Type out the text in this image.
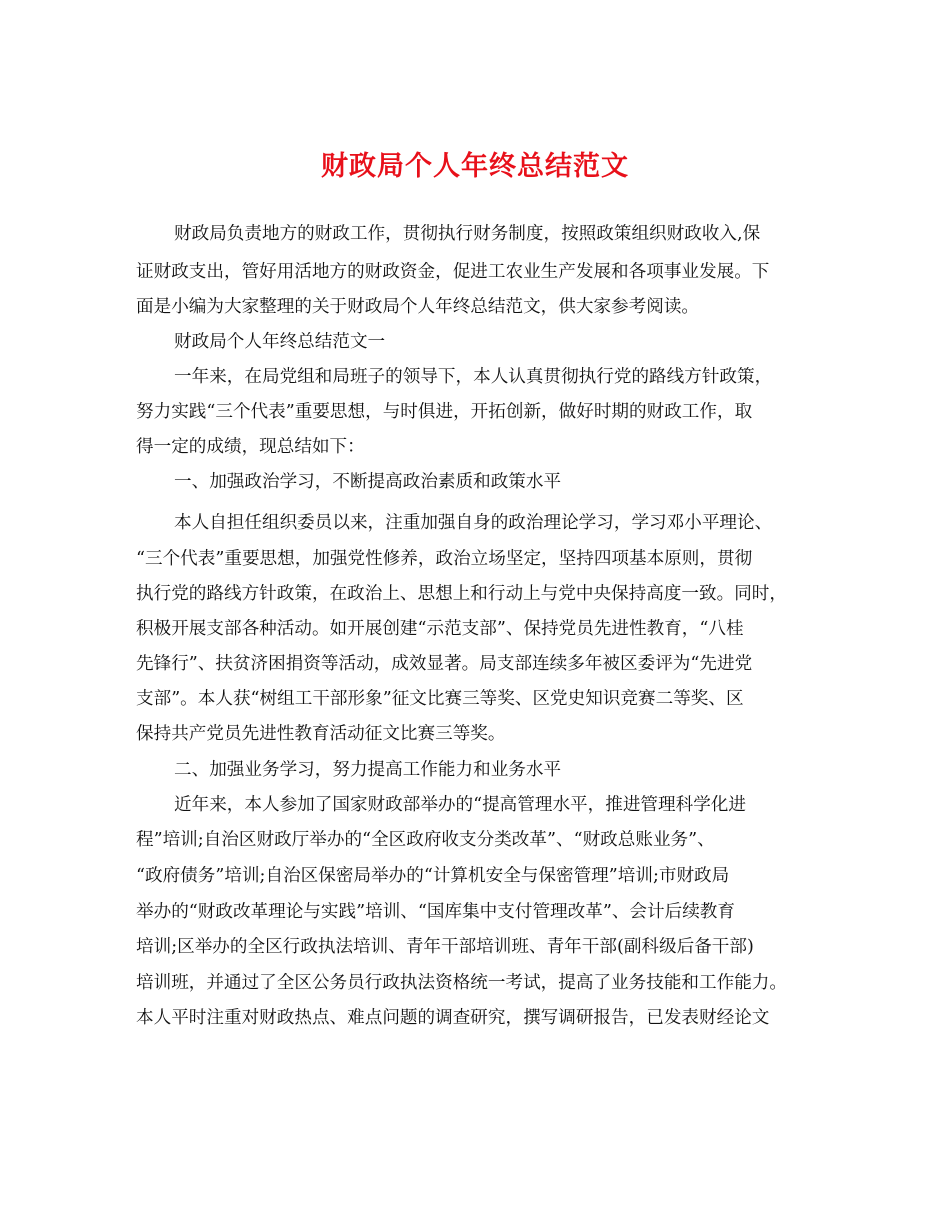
财政局个人年终总结范文
财政局负责地方的财政工作，贯彻执行财务制度，按照政策组织财政收入,保
证财政支出，管好用活地方的财政资金，促进工农业生产发展和各项事业发展。下
面是小编为大家整理的关于财政局个人年终总结范文，供大家参考阅读。
财政局个人年终总结范文一
一年来，在局党组和局班子的领导下，本人认真贯彻执行党的路线方针政策，
努力实践“三个代表”重要思想，与时俱进，开拓创新，做好时期的财政工作，取
得一定的成绩，现总结如下：
一、加强政治学习，不断提高政治素质和政策水平
本人自担任组织委员以来，注重加强自身的政治理论学习，学习邓小平理论、
“三个代表”重要思想，加强党性修养，政治立场坚定，坚持四项基本原则，贯彻
执行党的路线方针政策，在政治上、思想上和行动上与党中央保持高度一致。同时，
积极开展支部各种活动。如开展创建“示范支部”、保持党员先进性教育，“八桂
先锋行”、扶贫济困捐资等活动，成效显著。局支部连续多年被区委评为“先进党
支部”。本人获“树组工干部形象”征文比赛三等奖、区党史知识竞赛二等奖、区
保持共产党员先进性教育活动征文比赛三等奖。
二、加强业务学习，努力提高工作能力和业务水平
近年来，本人参加了国家财政部举办的“提高管理水平，推进管理科学化进
程”培训;自治区财政厅举办的“全区政府收支分类改革”、“财政总账业务”、
“政府债务”培训;自治区保密局举办的“计算机安全与保密管理”培训;市财政局
举办的“财政改革理论与实践”培训、“国库集中支付管理改革”、会计后续教育
培训;区举办的全区行政执法培训、青年干部培训班、青年干部(副科级后备干部)
培训班，并通过了全区公务员行政执法资格统一考试，提高了业务技能和工作能力。
本人平时注重对财政热点、难点问题的调查研究，撰写调研报告，已发表财经论文
